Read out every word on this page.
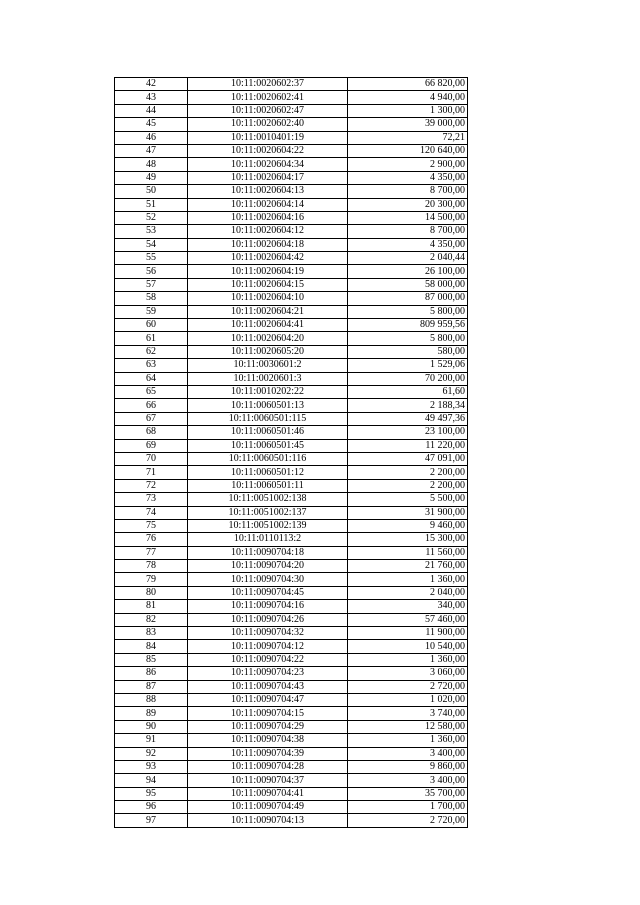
42	10:11:0020602:37	66 820,00
43	10:11:0020602:41	4 940,00
44	10:11:0020602:47	1 300,00
45	10:11:0020602:40	39 000,00
46	10:11:0010401:19	72,21
47	10:11:0020604:22	120 640,00
48	10:11:0020604:34	2 900,00
49	10:11:0020604:17	4 350,00
50	10:11:0020604:13	8 700,00
51	10:11:0020604:14	20 300,00
52	10:11:0020604:16	14 500,00
53	10:11:0020604:12	8 700,00
54	10:11:0020604:18	4 350,00
55	10:11:0020604:42	2 040,44
56	10:11:0020604:19	26 100,00
57	10:11:0020604:15	58 000,00
58	10:11:0020604:10	87 000,00
59	10:11:0020604:21	5 800,00
60	10:11:0020604:41	809 959,56
61	10:11:0020604:20	5 800,00
62	10:11:0020605:20	580,00
63	10:11:0030601:2	1 529,06
64	10:11:0020601:3	70 200,00
65	10:11:0010202:22	61,60
66	10:11:0060501:13	2 188,34
67	10:11:0060501:115	49 497,36
68	10:11:0060501:46	23 100,00
69	10:11:0060501:45	11 220,00
70	10:11:0060501:116	47 091,00
71	10:11:0060501:12	2 200,00
72	10:11:0060501:11	2 200,00
73	10:11:0051002:138	5 500,00
74	10:11:0051002:137	31 900,00
75	10:11:0051002:139	9 460,00
76	10:11:0110113:2	15 300,00
77	10:11:0090704:18	11 560,00
78	10:11:0090704:20	21 760,00
79	10:11:0090704:30	1 360,00
80	10:11:0090704:45	2 040,00
81	10:11:0090704:16	340,00
82	10:11:0090704:26	57 460,00
83	10:11:0090704:32	11 900,00
84	10:11:0090704:12	10 540,00
85	10:11:0090704:22	1 360,00
86	10:11:0090704:23	3 060,00
87	10:11:0090704:43	2 720,00
88	10:11:0090704:47	1 020,00
89	10:11:0090704:15	3 740,00
90	10:11:0090704:29	12 580,00
91	10:11:0090704:38	1 360,00
92	10:11:0090704:39	3 400,00
93	10:11:0090704:28	9 860,00
94	10:11:0090704:37	3 400,00
95	10:11:0090704:41	35 700,00
96	10:11:0090704:49	1 700,00
97	10:11:0090704:13	2 720,00
